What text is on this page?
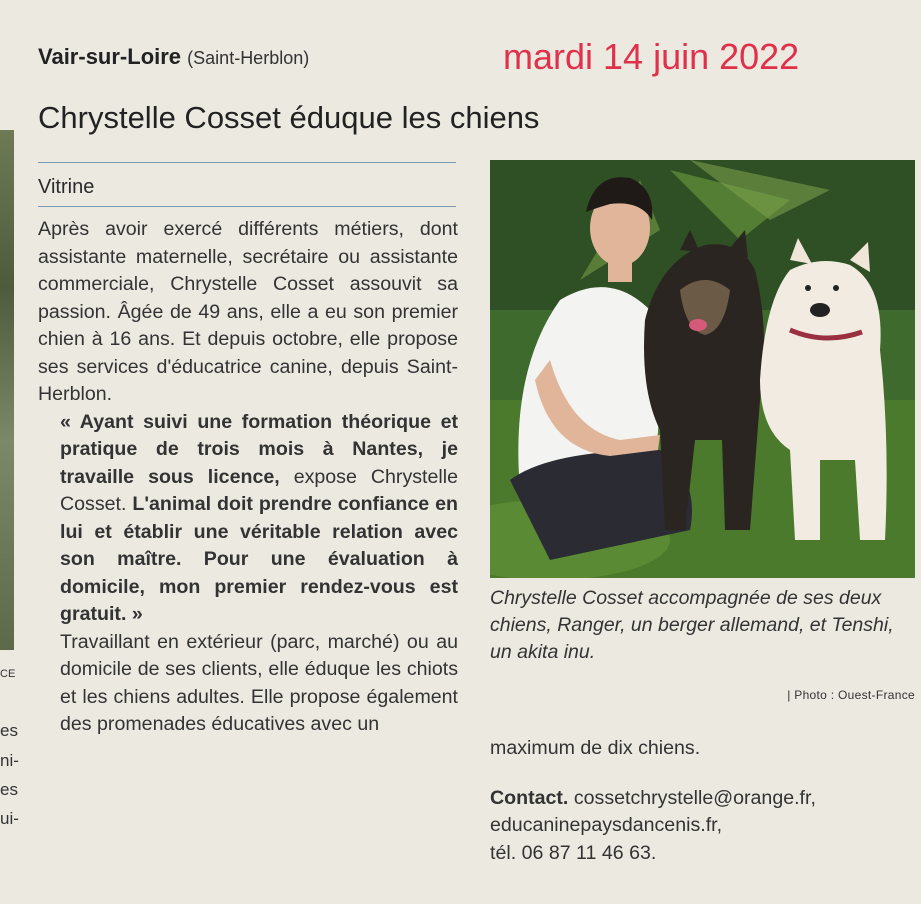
es
ni-
es
ui-
CE
Vair-sur-Loire (Saint-Herblon)	mardi 14 juin 2022
Chrystelle Cosset éduque les chiens
Vitrine

Après avoir exercé différents métiers, dont assistante maternelle, secrétaire ou assistante commerciale, Chrystelle Cosset assouvit sa passion. Âgée de 49 ans, elle a eu son premier chien à 16 ans. Et depuis octobre, elle propose ses services d'éducatrice canine, depuis Saint-Herblon.

« Ayant suivi une formation théorique et pratique de trois mois à Nantes, je travaille sous licence, expose Chrystelle Cosset. L'animal doit prendre confiance en lui et établir une véritable relation avec son maître. Pour une évaluation à domicile, mon premier rendez-vous est gratuit. »

Travaillant en extérieur (parc, marché) ou au domicile de ses clients, elle éduque les chiots et les chiens adultes. Elle propose également des promenades éducatives avec un

Chrystelle Cosset accompagnée de ses deux chiens, Ranger, un berger allemand, et Tenshi, un akita inu.
| Photo : Ouest-France

maximum de dix chiens.

Contact. cossetchrystelle@orange.fr,
educaninepaysdancenis.fr,
tél. 06 87 11 46 63.
